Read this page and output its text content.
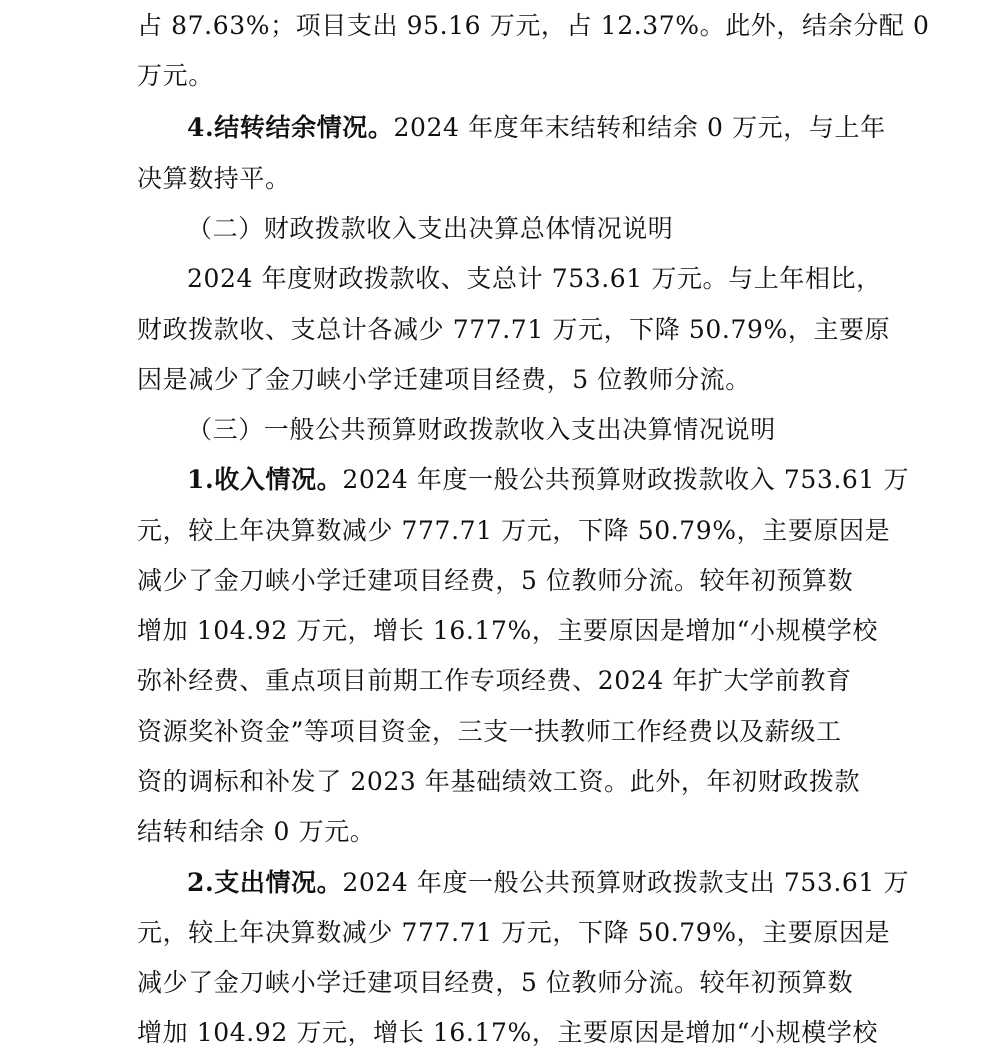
占 87.63%；项目支出 95.16 万元，占 12.37%。此外，结余分配 0
万元。
4.结转结余情况。2024 年度年末结转和结余 0 万元，与上年
决算数持平。
（二）财政拨款收入支出决算总体情况说明
2024 年度财政拨款收、支总计 753.61 万元。与上年相比，
财政拨款收、支总计各减少 777.71 万元，下降 50.79%，主要原
因是减少了金刀峡小学迁建项目经费，5 位教师分流。
（三）一般公共预算财政拨款收入支出决算情况说明
1.收入情况。2024 年度一般公共预算财政拨款收入 753.61 万
元，较上年决算数减少 777.71 万元，下降 50.79%，主要原因是
减少了金刀峡小学迁建项目经费，5 位教师分流。较年初预算数
增加 104.92 万元，增长 16.17%，主要原因是增加“小规模学校
弥补经费、重点项目前期工作专项经费、2024 年扩大学前教育
资源奖补资金”等项目资金，三支一扶教师工作经费以及薪级工
资的调标和补发了 2023 年基础绩效工资。此外，年初财政拨款
结转和结余 0 万元。
2.支出情况。2024 年度一般公共预算财政拨款支出 753.61 万
元，较上年决算数减少 777.71 万元，下降 50.79%，主要原因是
减少了金刀峡小学迁建项目经费，5 位教师分流。较年初预算数
增加 104.92 万元，增长 16.17%，主要原因是增加“小规模学校
